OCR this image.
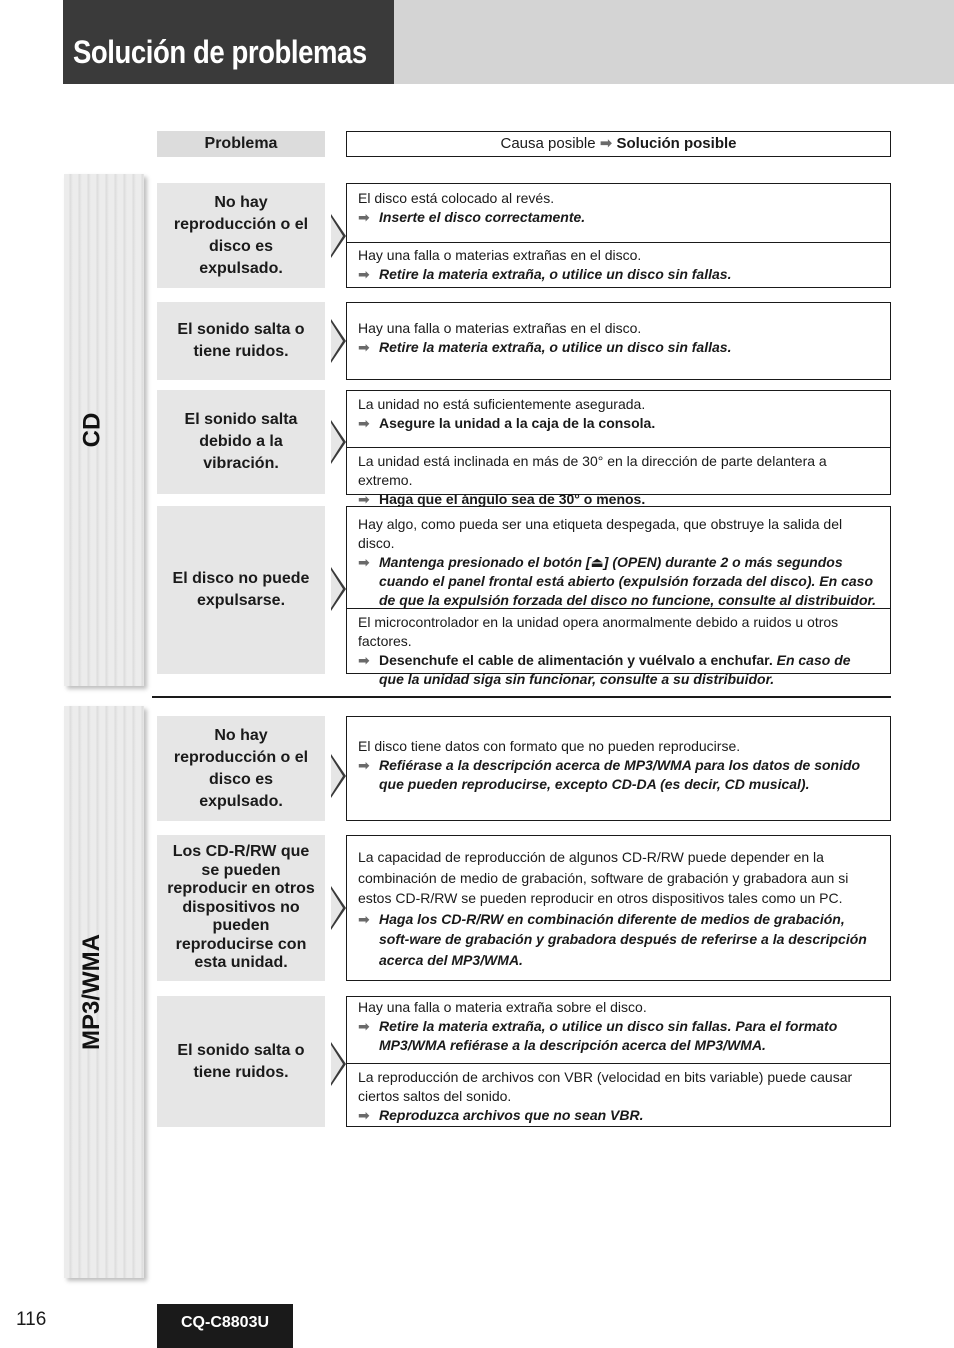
Solución de problemas
Problema	Causa posible ➡ Solución posible
CD
MP3/WMA
No hay reproducción o el disco es expulsado.
El disco está colocado al revés.
➡ Inserte el disco correctamente.
Hay una falla o materias extrañas en el disco.
➡ Retire la materia extraña, o utilice un disco sin fallas.
El sonido salta o tiene ruidos.
Hay una falla o materias extrañas en el disco.
➡ Retire la materia extraña, o utilice un disco sin fallas.
El sonido salta debido a la vibración.
La unidad no está suficientemente asegurada.
➡ Asegure la unidad a la caja de la consola.
La unidad está inclinada en más de 30° en la dirección de parte delantera a extremo.
➡ Haga que el ángulo sea de 30° o menos.
El disco no puede expulsarse.
Hay algo, como pueda ser una etiqueta despegada, que obstruye la salida del disco.
➡ Mantenga presionado el botón [⏏] (OPEN) durante 2 o más segundos cuando el panel frontal está abierto (expulsión forzada del disco). En caso de que la expulsión forzada del disco no funcione, consulte al distribuidor.
El microcontrolador en la unidad opera anormalmente debido a ruidos u otros factores.
➡ Desenchufe el cable de alimentación y vuélvalo a enchufar. En caso de que la unidad siga sin funcionar, consulte a su distribuidor.
No hay reproducción o el disco es expulsado.
El disco tiene datos con formato que no pueden reproducirse.
➡ Refiérase a la descripción acerca de MP3/WMA para los datos de sonido que pueden reproducirse, excepto CD-DA (es decir, CD musical).
Los CD-R/RW que se pueden reproducir en otros dispositivos no pueden reproducirse con esta unidad.
La capacidad de reproducción de algunos CD-R/RW puede depender en la combinación de medio de grabación, software de grabación y grabadora aun si estos CD-R/RW se pueden reproducir en otros dispositivos tales como un PC.
➡ Haga los CD-R/RW en combinación diferente de medios de grabación, soft-ware de grabación y grabadora después de referirse a la descripción acerca del MP3/WMA.
El sonido salta o tiene ruidos.
Hay una falla o materia extraña sobre el disco.
➡ Retire la materia extraña, o utilice un disco sin fallas. Para el formato MP3/WMA refiérase a la descripción acerca del MP3/WMA.
La reproducción de archivos con VBR (velocidad en bits variable) puede causar ciertos saltos del sonido.
➡ Reproduzca archivos que no sean VBR.
116	CQ-C8803U
